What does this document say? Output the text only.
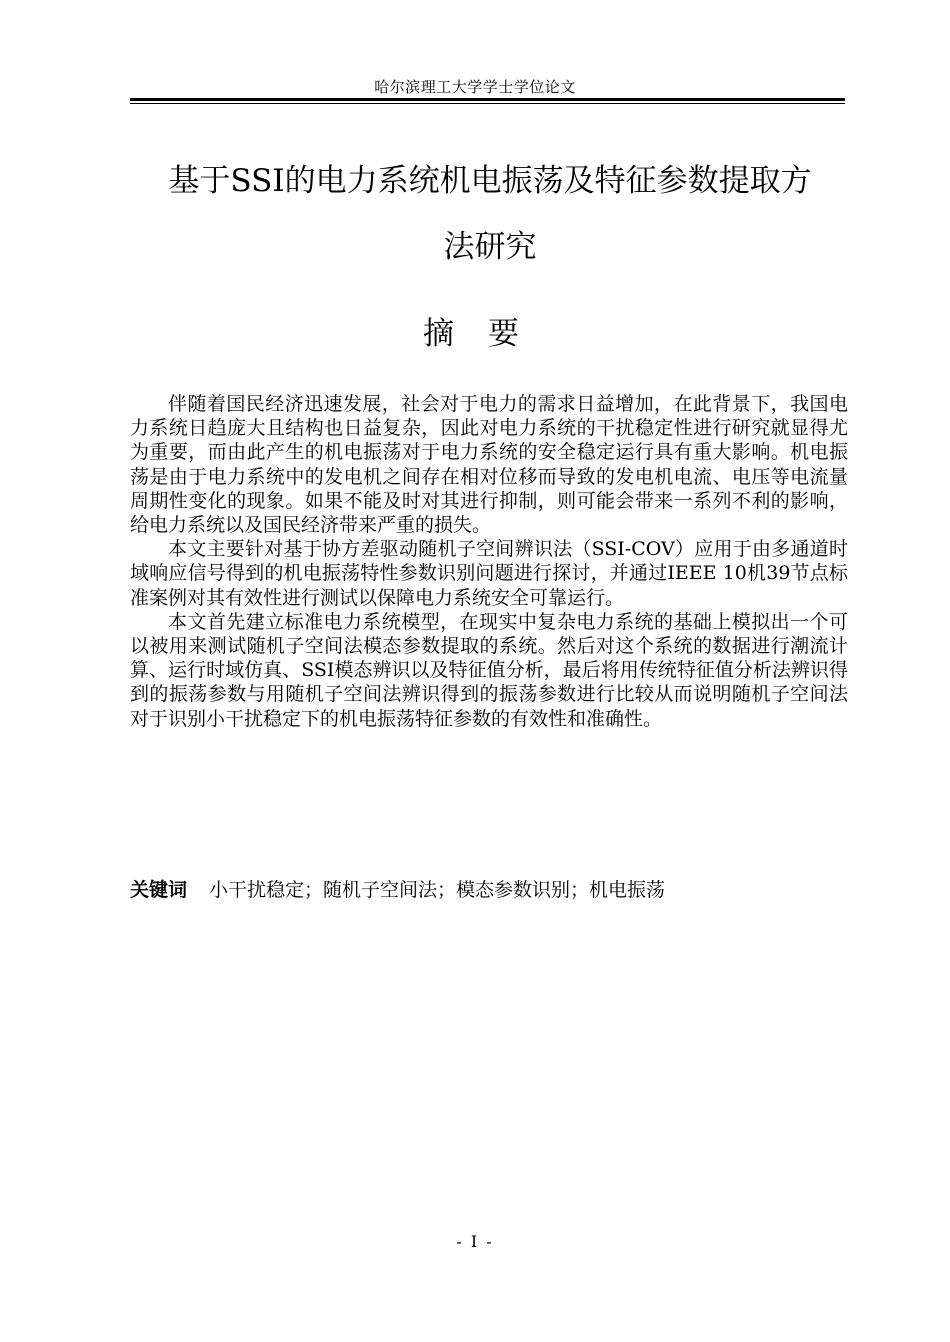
哈尔滨理工大学学士学位论文
基于SSI的电力系统机电振荡及特征参数提取方
法研究
摘要

伴随着国民经济迅速发展，社会对于电力的需求日益增加，在此背景下，我国电力系统日趋庞大且结构也日益复杂，因此对电力系统的干扰稳定性进行研究就显得尤为重要，而由此产生的机电振荡对于电力系统的安全稳定运行具有重大影响。机电振荡是由于电力系统中的发电机之间存在相对位移而导致的发电机电流、电压等电流量周期性变化的现象。如果不能及时对其进行抑制，则可能会带来一系列不利的影响，给电力系统以及国民经济带来严重的损失。

本文主要针对基于协方差驱动随机子空间辨识法（SSI-COV）应用于由多通道时域响应信号得到的机电振荡特性参数识别问题进行探讨，并通过IEEE 10机39节点标准案例对其有效性进行测试以保障电力系统安全可靠运行。

本文首先建立标准电力系统模型，在现实中复杂电力系统的基础上模拟出一个可以被用来测试随机子空间法模态参数提取的系统。然后对这个系统的数据进行潮流计算、运行时域仿真、SSI模态辨识以及特征值分析，最后将用传统特征值分析法辨识得到的振荡参数与用随机子空间法辨识得到的振荡参数进行比较从而说明随机子空间法对于识别小干扰稳定下的机电振荡特征参数的有效性和准确性。

关键词 小干扰稳定；随机子空间法；模态参数识别；机电振荡
- I -
